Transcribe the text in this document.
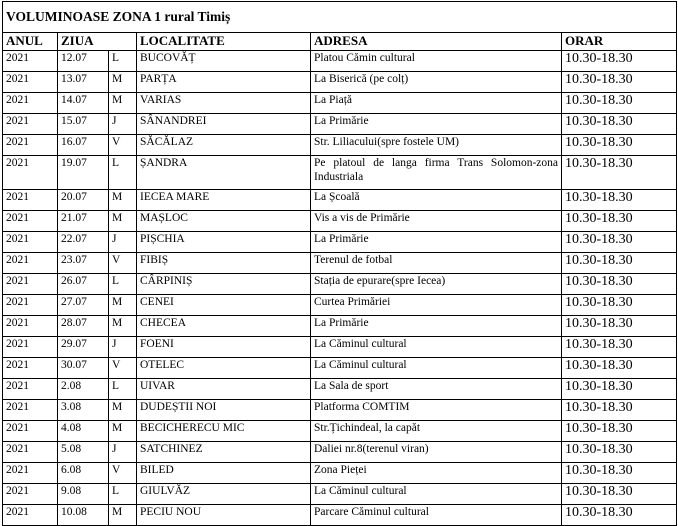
VOLUMINOASE ZONA 1 rural Timiș					
ANUL	ZIUA		LOCALITATE	ADRESA	ORAR
2021	12.07	L	BUCOVĂȚ	Platou Cămin cultural	10.30-18.30
2021	13.07	M	PARȚA	La Biserică (pe colț)	10.30-18.30
2021	14.07	M	VARIAS	La Piață	10.30-18.30
2021	15.07	J	SÂNANDREI	La Primărie	10.30-18.30
2021	16.07	V	SĂCĂLAZ	Str. Liliacului(spre fostele UM)	10.30-18.30
2021	19.07	L	ȘANDRA	Pe platoul de langa firma Trans Solomon-zona Industriala	10.30-18.30
2021	20.07	M	IECEA MARE	La Școală	10.30-18.30
2021	21.07	M	MAȘLOC	Vis a vis de Primărie	10.30-18.30
2021	22.07	J	PIȘCHIA	La Primărie	10.30-18.30
2021	23.07	V	FIBIȘ	Terenul de fotbal	10.30-18.30
2021	26.07	L	CÂRPINIȘ	Stația de epurare(spre Iecea)	10.30-18.30
2021	27.07	M	CENEI	Curtea Primăriei	10.30-18.30
2021	28.07	M	CHECEA	La Primărie	10.30-18.30
2021	29.07	J	FOENI	La Căminul cultural	10.30-18.30
2021	30.07	V	OTELEC	La Căminul cultural	10.30-18.30
2021	2.08	L	UIVAR	La Sala de sport	10.30-18.30
2021	3.08	M	DUDEȘTII NOI	Platforma COMTIM	10.30-18.30
2021	4.08	M	BECICHERECU MIC	Str.Țichindeal, la capăt	10.30-18.30
2021	5.08	J	SATCHINEZ	Daliei nr.8(terenul viran)	10.30-18.30
2021	6.08	V	BILED	Zona Pieței	10.30-18.30
2021	9.08	L	GIULVĂZ	La Căminul cultural	10.30-18.30
2021	10.08	M	PECIU NOU	Parcare Căminul cultural	10.30-18.30
